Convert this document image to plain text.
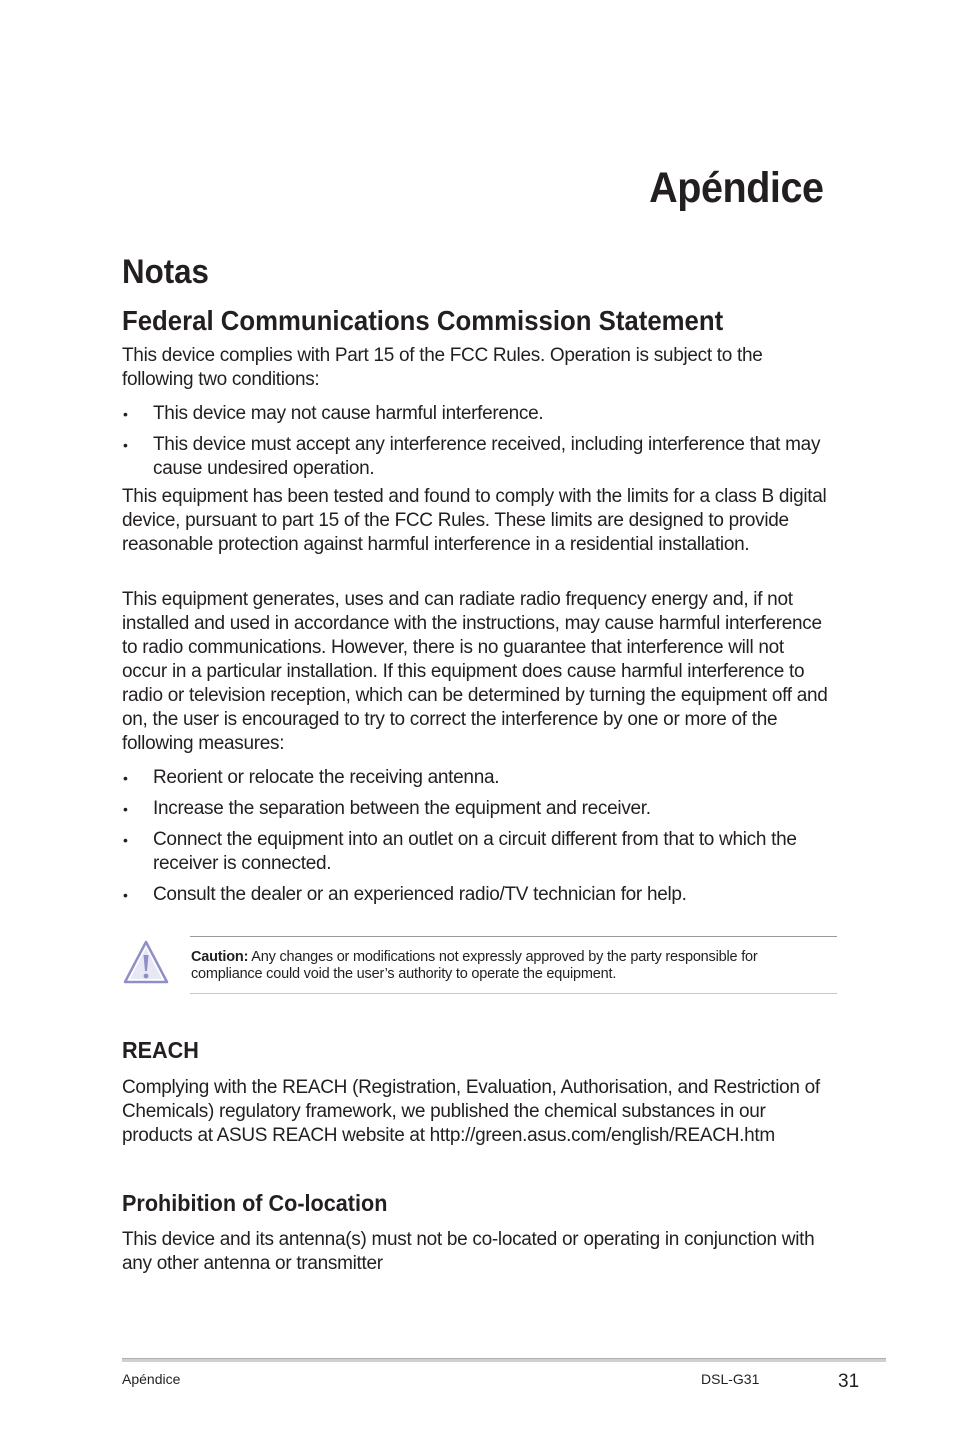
Apéndice
Notas
Federal Communications Commission Statement

This device complies with Part 15 of the FCC Rules. Operation is subject to the following two conditions:

• This device may not cause harmful interference.
• This device must accept any interference received, including interference that may cause undesired operation.

This equipment has been tested and found to comply with the limits for a class B digital device, pursuant to part 15 of the FCC Rules. These limits are designed to provide reasonable protection against harmful interference in a residential installation.

This equipment generates, uses and can radiate radio frequency energy and, if not installed and used in accordance with the instructions, may cause harmful interference to radio communications. However, there is no guarantee that interference will not occur in a particular installation. If this equipment does cause harmful interference to radio or television reception, which can be determined by turning the equipment off and on, the user is encouraged to try to correct the interference by one or more of the following measures:

• Reorient or relocate the receiving antenna.
• Increase the separation between the equipment and receiver.
• Connect the equipment into an outlet on a circuit different from that to which the receiver is connected.
• Consult the dealer or an experienced radio/TV technician for help.
Caution: Any changes or modifications not expressly approved by the party responsible for compliance could void the user’s authority to operate the equipment.
REACH

Complying with the REACH (Registration, Evaluation, Authorisation, and Restriction of Chemicals) regulatory framework, we published the chemical substances in our products at ASUS REACH website at http://green.asus.com/english/REACH.htm

Prohibition of Co-location

This device and its antenna(s) must not be co-located or operating in conjunction with any other antenna or transmitter

Apéndice	DSL-G31	31
